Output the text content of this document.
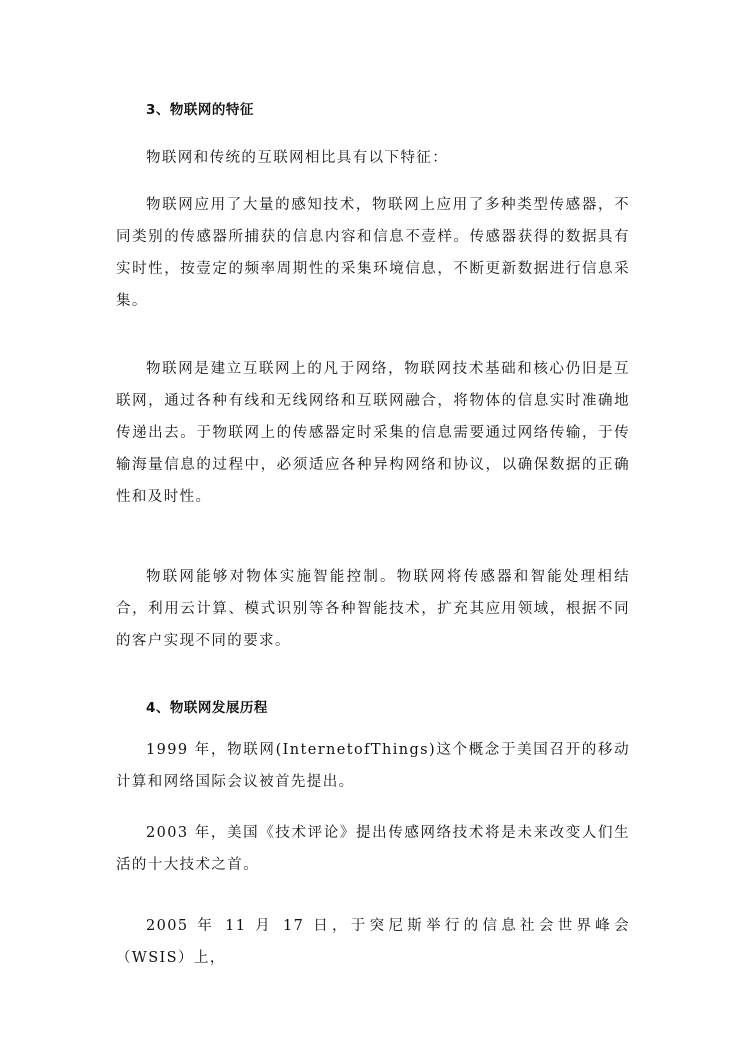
3、物联网的特征

物联网和传统的互联网相比具有以下特征：

物联网应用了大量的感知技术，物联网上应用了多种类型传感器，不同类别的传感器所捕获的信息内容和信息不壹样。传感器获得的数据具有实时性，按壹定的频率周期性的采集环境信息，不断更新数据进行信息采集。

物联网是建立互联网上的凡于网络，物联网技术基础和核心仍旧是互联网，通过各种有线和无线网络和互联网融合，将物体的信息实时准确地传递出去。于物联网上的传感器定时采集的信息需要通过网络传输，于传输海量信息的过程中，必须适应各种异构网络和协议，以确保数据的正确性和及时性。

物联网能够对物体实施智能控制。物联网将传感器和智能处理相结合，利用云计算、模式识别等各种智能技术，扩充其应用领域，根据不同的客户实现不同的要求。

4、物联网发展历程

1999 年，物联网(InternetofThings)这个概念于美国召开的移动计算和网络国际会议被首先提出。

2003 年，美国《技术评论》提出传感网络技术将是未来改变人们生活的十大技术之首。

2005 年 11 月 17 日，于突尼斯举行的信息社会世界峰会（WSIS）上，
